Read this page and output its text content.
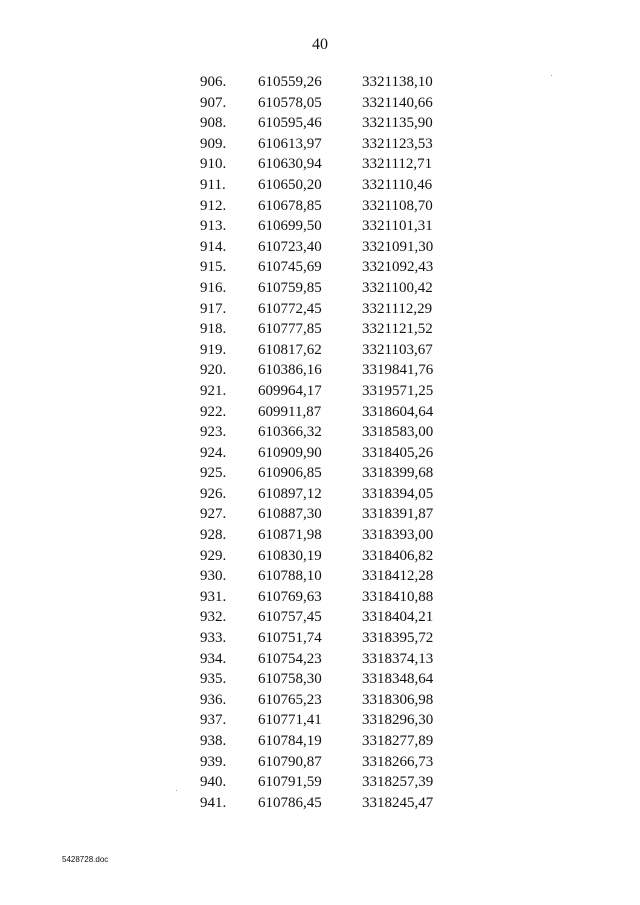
40
906. 610559,26	3321138,10
907. 610578,05	3321140,66
908. 610595,46	3321135,90
909. 610613,97	3321123,53
910. 610630,94	3321112,71
911. 610650,20	3321110,46
912. 610678,85	3321108,70
913. 610699,50	3321101,31
914. 610723,40	3321091,30
915. 610745,69	3321092,43
916. 610759,85	3321100,42
917. 610772,45	3321112,29
918. 610777,85	3321121,52
919. 610817,62	3321103,67
920. 610386,16	3319841,76
921. 609964,17	3319571,25
922. 609911,87	3318604,64
923. 610366,32	3318583,00
924. 610909,90	3318405,26
925. 610906,85	3318399,68
926. 610897,12	3318394,05
927. 610887,30	3318391,87
928. 610871,98	3318393,00
929. 610830,19	3318406,82
930. 610788,10	3318412,28
931. 610769,63	3318410,88
932. 610757,45	3318404,21
933. 610751,74	3318395,72
934. 610754,23	3318374,13
935. 610758,30	3318348,64
936. 610765,23	3318306,98
937. 610771,41	3318296,30
938. 610784,19	3318277,89
939. 610790,87	3318266,73
940. 610791,59	3318257,39
941. 610786,45	3318245,47
5428728.doc
